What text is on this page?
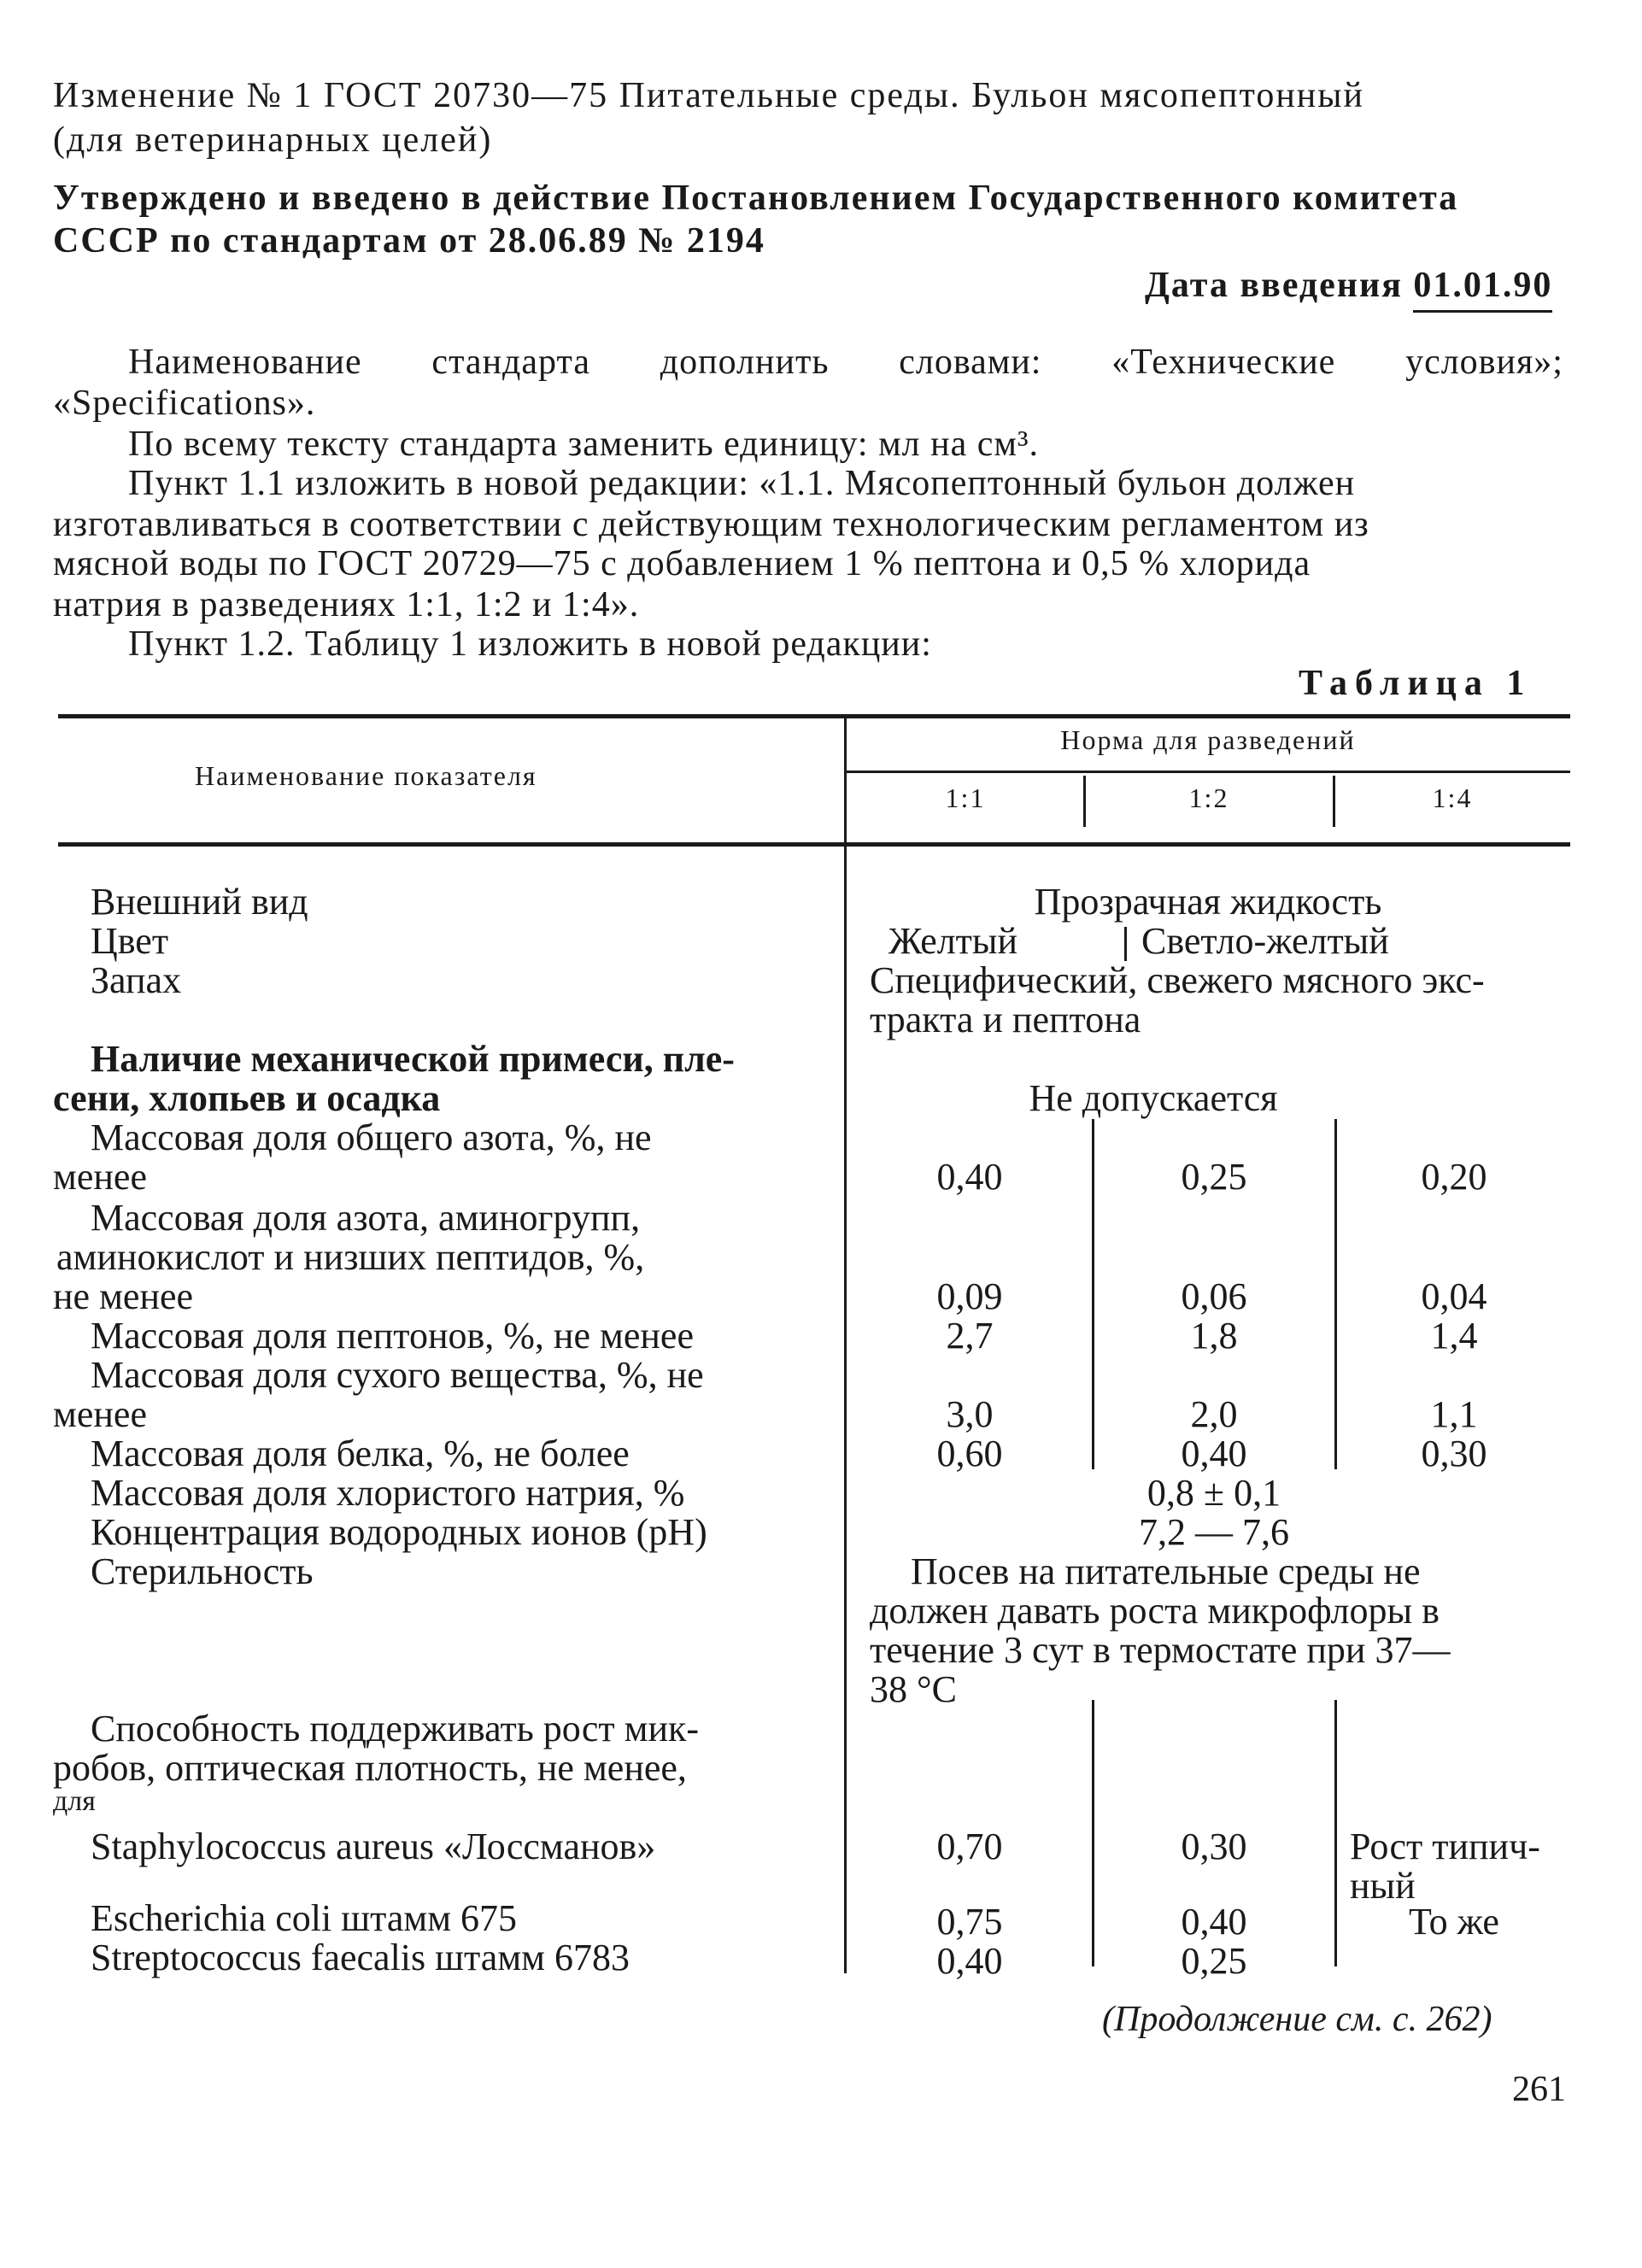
Изменение № 1 ГОСТ 20730—75 Питательные среды. Бульон мясопептонный
(для ветеринарных целей)
Утверждено и введено в действие Постановлением Государственного комитета
СССР по стандартам от 28.06.89 № 2194
Дата введения 01.01.90
Наименование стандарта дополнить словами: «Технические условия»;
«Specifications».
По всему тексту стандарта заменить единицу: мл на см³.
Пункт 1.1 изложить в новой редакции: «1.1. Мясопептонный бульон должен
изготавливаться в соответствии с действующим технологическим регламентом из
мясной воды по ГОСТ 20729—75 с добавлением 1 % пептона и 0,5 % хлорида
натрия в разведениях 1:1, 1:2 и 1:4».
Пункт 1.2. Таблицу 1 изложить в новой редакции:
Таблица 1
Наименование показателя
Норма для разведений
1:1	1:2	1:4
Внешний вид	Прозрачная жидкость
Цвет	Желтый	Светло-желтый
Запах	Специфический, свежего мясного экс-
тракта и пептона
Наличие механической примеси, пле-
сени, хлопьев и осадка	Не допускается
Массовая доля общего азота, %, не
менее	0,40	0,25	0,20
Массовая доля азота, аминогрупп,
аминокислот и низших пептидов, %,
не менее	0,09	0,06	0,04
Массовая доля пептонов, %, не менее	2,7	1,8	1,4
Массовая доля сухого вещества, %, не
менее	3,0	2,0	1,1
Массовая доля белка, %, не более	0,60	0,40	0,30
Массовая доля хлористого натрия, %	0,8 ± 0,1
Концентрация водородных ионов (pH)	7,2 — 7,6
Стерильность	Посев на питательные среды не
должен давать роста микрофлоры в
течение 3 сут в термостате при 37—
38 °С
Способность поддерживать рост мик-
робов, оптическая плотность, не менее,
для
Staphylococcus aureus «Лоссманов»	0,70	0,30	Рост типич-
ный
Escherichia coli штамм 675	0,75	0,40	То же
Streptococcus faecalis штамм 6783	0,40	0,25
(Продолжение см. с. 262)
261
